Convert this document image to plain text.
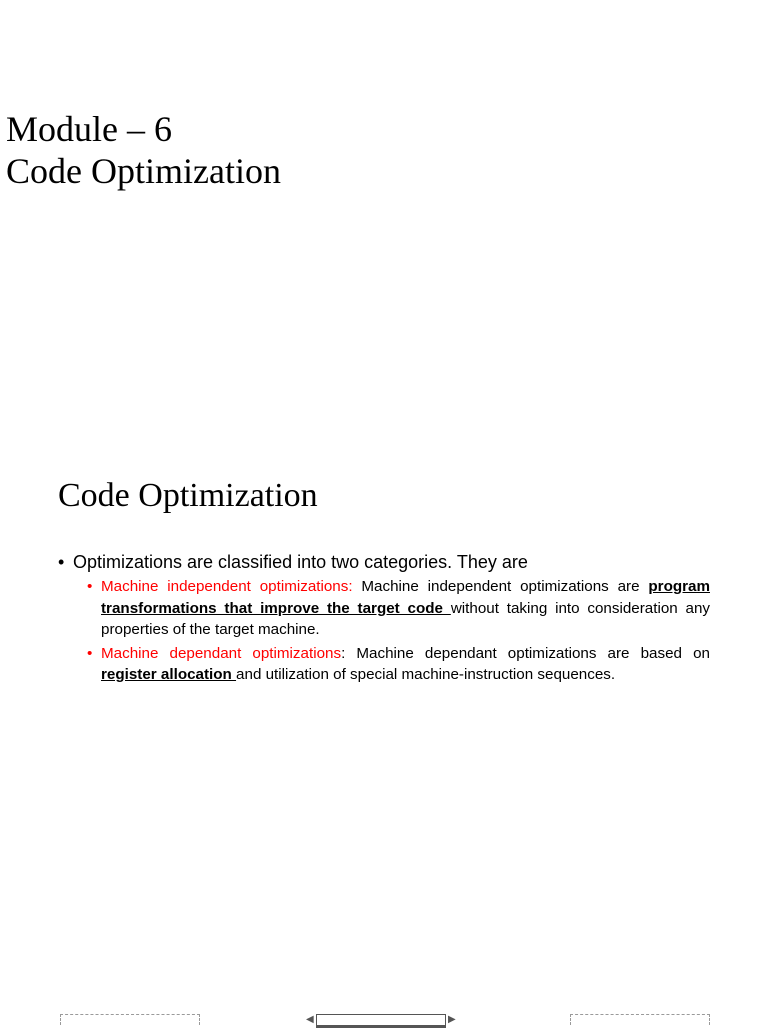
Module – 6
Code Optimization
Code Optimization
• Optimizations are classified into two categories. They are
• Machine independent optimizations: Machine independent optimizations are program transformations that improve the target code without taking into consideration any properties of the target machine.
• Machine dependant optimizations: Machine dependant optimizations are based on register allocation and utilization of special machine-instruction sequences.
◀	▶
